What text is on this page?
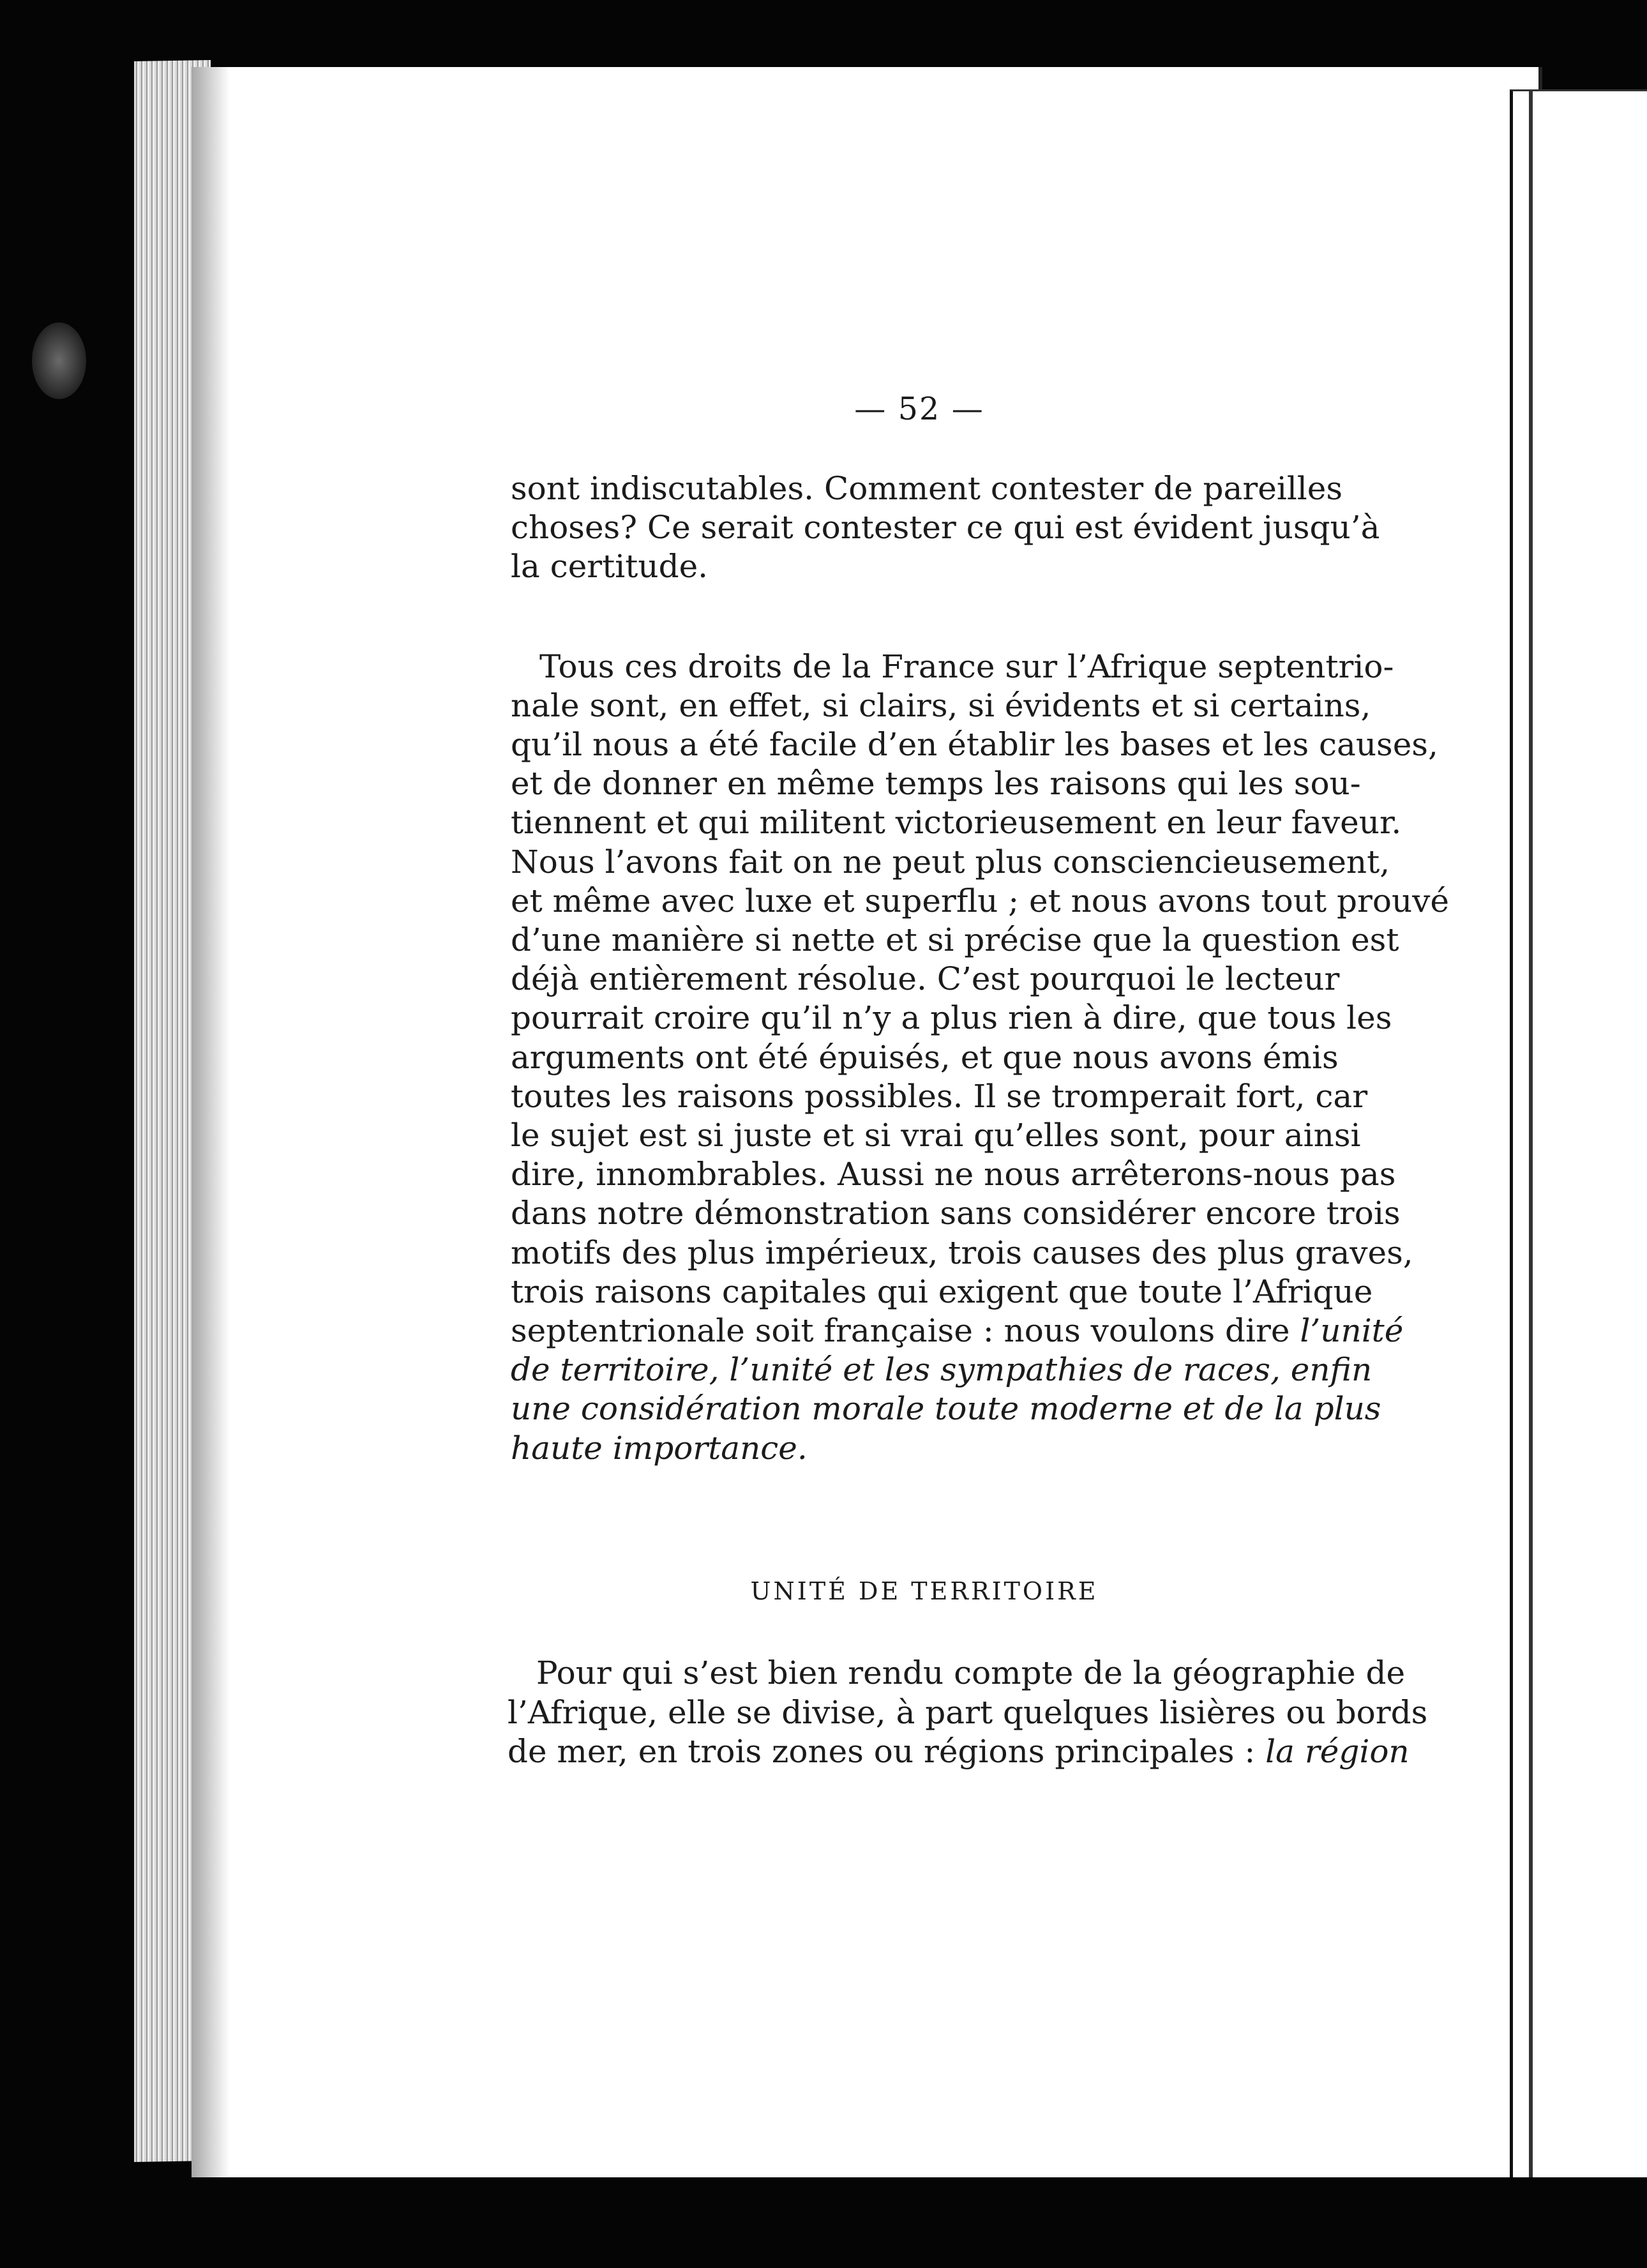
— 52 —
sont indiscutables. Comment contester de pareilles
choses? Ce serait contester ce qui est évident jusqu’à
la certitude.
Tous ces droits de la France sur l’Afrique septentrio-
nale sont, en effet, si clairs, si évidents et si certains,
qu’il nous a été facile d’en établir les bases et les causes,
et de donner en même temps les raisons qui les sou-
tiennent et qui militent victorieusement en leur faveur.
Nous l’avons fait on ne peut plus consciencieusement,
et même avec luxe et superflu ; et nous avons tout prouvé
d’une manière si nette et si précise que la question est
déjà entièrement résolue. C’est pourquoi le lecteur
pourrait croire qu’il n’y a plus rien à dire, que tous les
arguments ont été épuisés, et que nous avons émis
toutes les raisons possibles. Il se tromperait fort, car
le sujet est si juste et si vrai qu’elles sont, pour ainsi
dire, innombrables. Aussi ne nous arrêterons-nous pas
dans notre démonstration sans considérer encore trois
motifs des plus impérieux, trois causes des plus graves,
trois raisons capitales qui exigent que toute l’Afrique
septentrionale soit française : nous voulons dire l’unité
de territoire, l’unité et les sympathies de races, enfin
une considération morale toute moderne et de la plus
haute importance.
UNITÉ DE TERRITOIRE
Pour qui s’est bien rendu compte de la géographie de
l’Afrique, elle se divise, à part quelques lisières ou bords
de mer, en trois zones ou régions principales : la région
